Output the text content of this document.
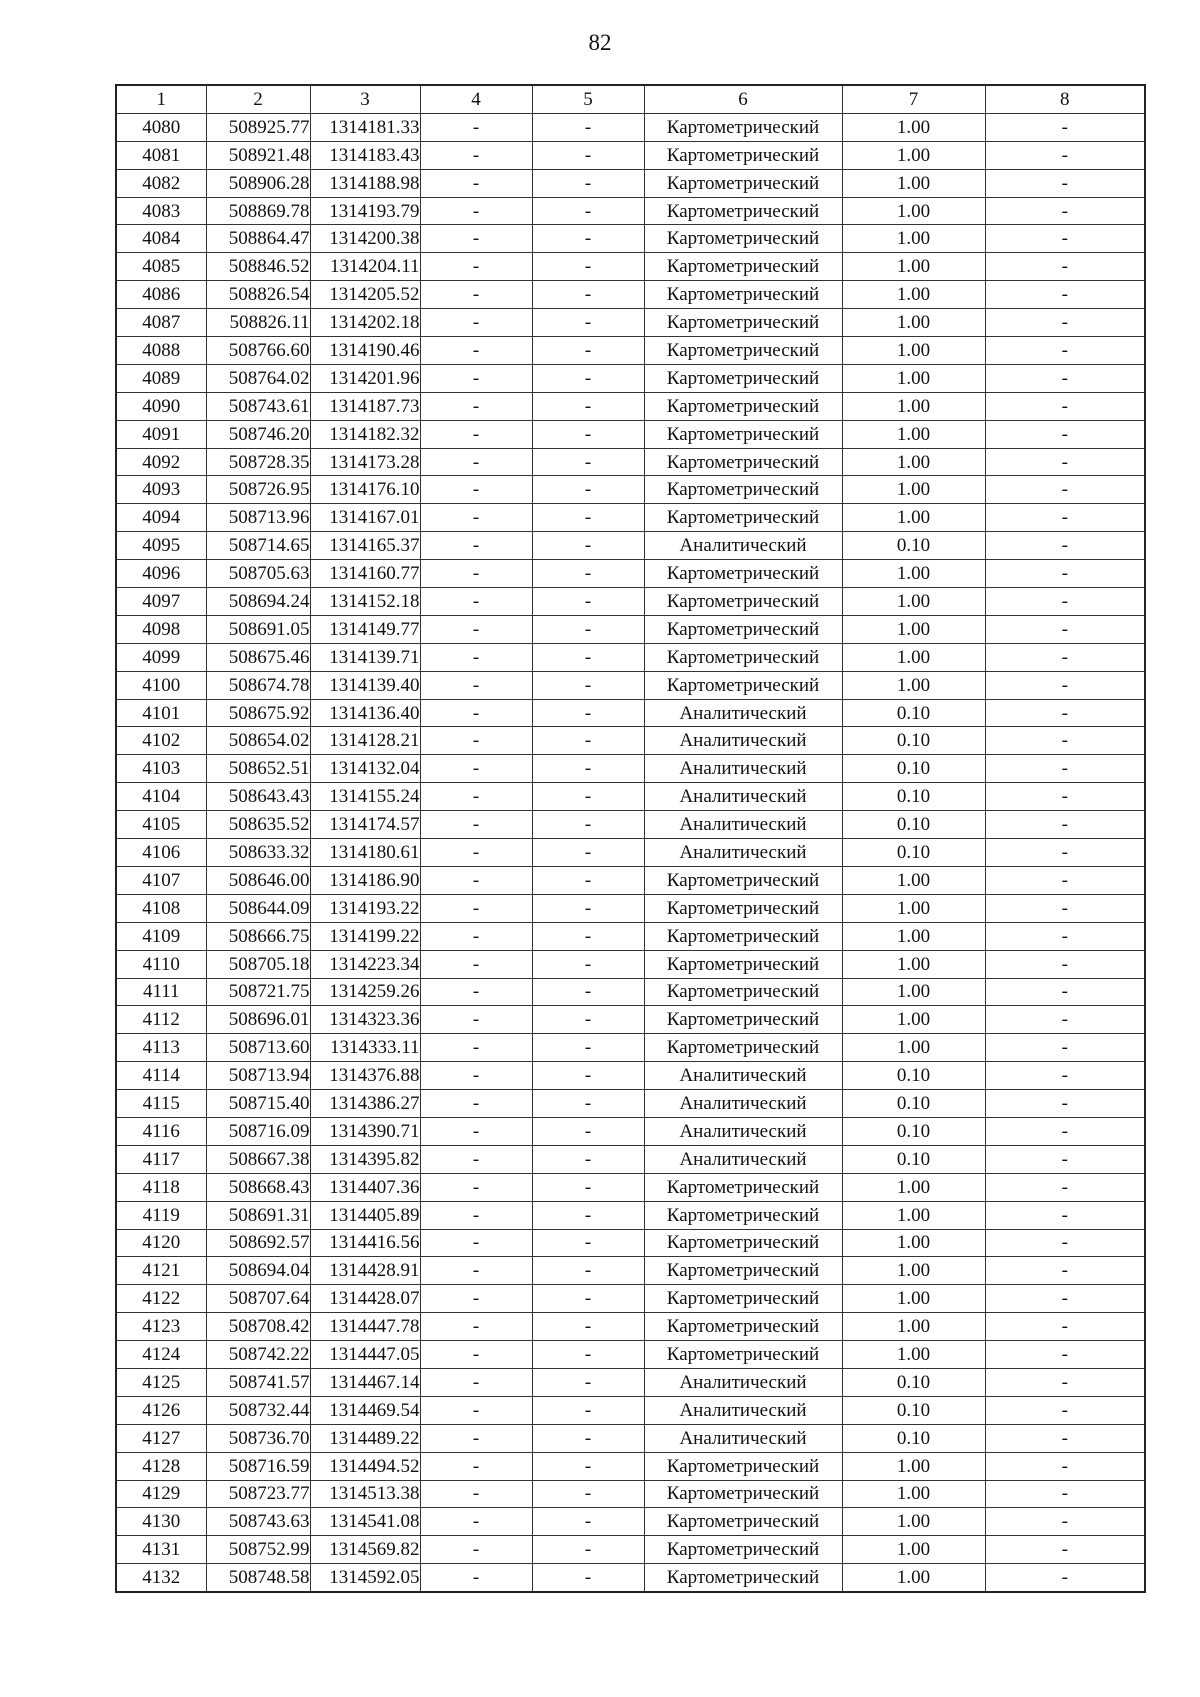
82
1	2	3	4	5	6	7	8
4080	508925.77	1314181.33	-	-	Картометрический	1.00	-
4081	508921.48	1314183.43	-	-	Картометрический	1.00	-
4082	508906.28	1314188.98	-	-	Картометрический	1.00	-
4083	508869.78	1314193.79	-	-	Картометрический	1.00	-
4084	508864.47	1314200.38	-	-	Картометрический	1.00	-
4085	508846.52	1314204.11	-	-	Картометрический	1.00	-
4086	508826.54	1314205.52	-	-	Картометрический	1.00	-
4087	508826.11	1314202.18	-	-	Картометрический	1.00	-
4088	508766.60	1314190.46	-	-	Картометрический	1.00	-
4089	508764.02	1314201.96	-	-	Картометрический	1.00	-
4090	508743.61	1314187.73	-	-	Картометрический	1.00	-
4091	508746.20	1314182.32	-	-	Картометрический	1.00	-
4092	508728.35	1314173.28	-	-	Картометрический	1.00	-
4093	508726.95	1314176.10	-	-	Картометрический	1.00	-
4094	508713.96	1314167.01	-	-	Картометрический	1.00	-
4095	508714.65	1314165.37	-	-	Аналитический	0.10	-
4096	508705.63	1314160.77	-	-	Картометрический	1.00	-
4097	508694.24	1314152.18	-	-	Картометрический	1.00	-
4098	508691.05	1314149.77	-	-	Картометрический	1.00	-
4099	508675.46	1314139.71	-	-	Картометрический	1.00	-
4100	508674.78	1314139.40	-	-	Картометрический	1.00	-
4101	508675.92	1314136.40	-	-	Аналитический	0.10	-
4102	508654.02	1314128.21	-	-	Аналитический	0.10	-
4103	508652.51	1314132.04	-	-	Аналитический	0.10	-
4104	508643.43	1314155.24	-	-	Аналитический	0.10	-
4105	508635.52	1314174.57	-	-	Аналитический	0.10	-
4106	508633.32	1314180.61	-	-	Аналитический	0.10	-
4107	508646.00	1314186.90	-	-	Картометрический	1.00	-
4108	508644.09	1314193.22	-	-	Картометрический	1.00	-
4109	508666.75	1314199.22	-	-	Картометрический	1.00	-
4110	508705.18	1314223.34	-	-	Картометрический	1.00	-
4111	508721.75	1314259.26	-	-	Картометрический	1.00	-
4112	508696.01	1314323.36	-	-	Картометрический	1.00	-
4113	508713.60	1314333.11	-	-	Картометрический	1.00	-
4114	508713.94	1314376.88	-	-	Аналитический	0.10	-
4115	508715.40	1314386.27	-	-	Аналитический	0.10	-
4116	508716.09	1314390.71	-	-	Аналитический	0.10	-
4117	508667.38	1314395.82	-	-	Аналитический	0.10	-
4118	508668.43	1314407.36	-	-	Картометрический	1.00	-
4119	508691.31	1314405.89	-	-	Картометрический	1.00	-
4120	508692.57	1314416.56	-	-	Картометрический	1.00	-
4121	508694.04	1314428.91	-	-	Картометрический	1.00	-
4122	508707.64	1314428.07	-	-	Картометрический	1.00	-
4123	508708.42	1314447.78	-	-	Картометрический	1.00	-
4124	508742.22	1314447.05	-	-	Картометрический	1.00	-
4125	508741.57	1314467.14	-	-	Аналитический	0.10	-
4126	508732.44	1314469.54	-	-	Аналитический	0.10	-
4127	508736.70	1314489.22	-	-	Аналитический	0.10	-
4128	508716.59	1314494.52	-	-	Картометрический	1.00	-
4129	508723.77	1314513.38	-	-	Картометрический	1.00	-
4130	508743.63	1314541.08	-	-	Картометрический	1.00	-
4131	508752.99	1314569.82	-	-	Картометрический	1.00	-
4132	508748.58	1314592.05	-	-	Картометрический	1.00	-
